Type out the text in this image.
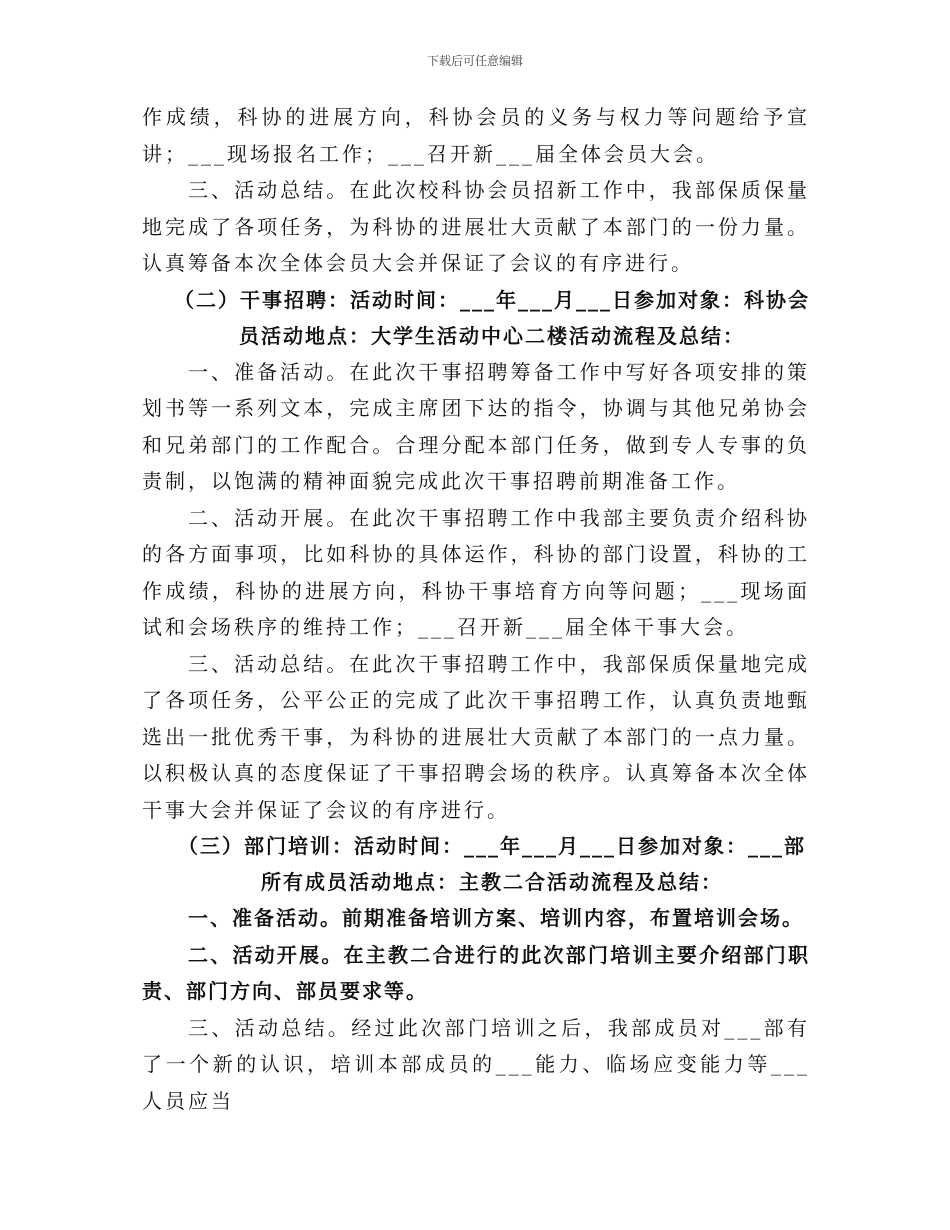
下载后可任意编辑

作成绩，科协的进展方向，科协会员的义务与权力等问题给予宣讲；___现场报名工作；___召开新___届全体会员大会。

三、活动总结。在此次校科协会员招新工作中，我部保质保量地完成了各项任务，为科协的进展壮大贡献了本部门的一份力量。认真筹备本次全体会员大会并保证了会议的有序进行。

（二）干事招聘：活动时间：___年___月___日参加对象：科协会

员活动地点：大学生活动中心二楼活动流程及总结：

一、准备活动。在此次干事招聘筹备工作中写好各项安排的策划书等一系列文本，完成主席团下达的指令，协调与其他兄弟协会和兄弟部门的工作配合。合理分配本部门任务，做到专人专事的负责制，以饱满的精神面貌完成此次干事招聘前期准备工作。

二、活动开展。在此次干事招聘工作中我部主要负责介绍科协的各方面事项，比如科协的具体运作，科协的部门设置，科协的工作成绩，科协的进展方向，科协干事培育方向等问题；___现场面试和会场秩序的维持工作；___召开新___届全体干事大会。

三、活动总结。在此次干事招聘工作中，我部保质保量地完成了各项任务，公平公正的完成了此次干事招聘工作，认真负责地甄选出一批优秀干事，为科协的进展壮大贡献了本部门的一点力量。以积极认真的态度保证了干事招聘会场的秩序。认真筹备本次全体干事大会并保证了会议的有序进行。

（三）部门培训：活动时间：___年___月___日参加对象：___部

所有成员活动地点：主教二合活动流程及总结：

一、准备活动。前期准备培训方案、培训内容，布置培训会场。

二、活动开展。在主教二合进行的此次部门培训主要介绍部门职责、部门方向、部员要求等。

三、活动总结。经过此次部门培训之后，我部成员对___部有了一个新的认识，培训本部成员的___能力、临场应变能力等___人员应当
